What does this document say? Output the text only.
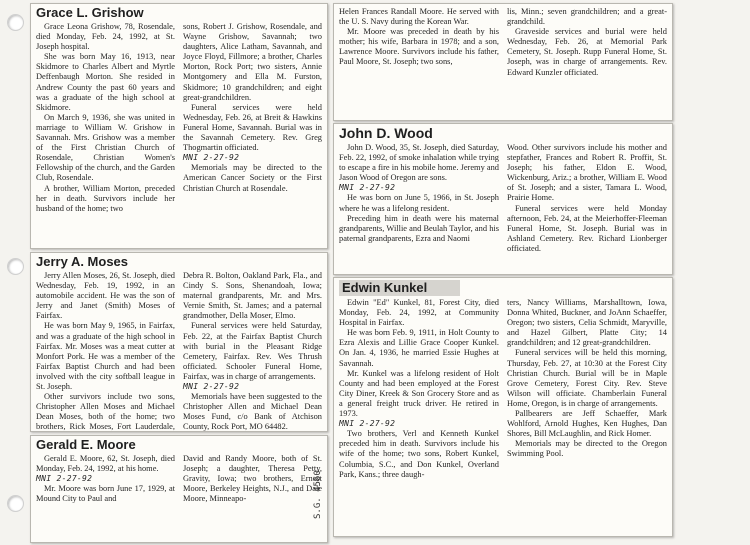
Grace L. Grishow

Grace Leona Grishow, 78, Rosendale, died Monday, Feb. 24, 1992, at St. Joseph hospital.

She was born May 16, 1913, near Skidmore to Charles Albert and Myrtle Deffenbaugh Morton. She resided in Andrew County the past 60 years and was a graduate of the high school at Skidmore.

On March 9, 1936, she was united in marriage to William W. Grishow in Savannah. Mrs. Grishow was a member of the First Christian Church of Rosendale, Christian Women's Fellowship of the church, and the Garden Club, Rosendale.

A brother, William Morton, preceded her in death. Survivors include her husband of the home; two

sons, Robert J. Grishow, Rosendale, and Wayne Grishow, Savannah; two daughters, Alice Latham, Savannah, and Joyce Floyd, Fillmore; a brother, Charles Morton, Rock Port; two sisters, Annie Montgomery and Ella M. Furston, Skidmore; 10 grandchildren; and eight great-grandchildren.

Funeral services were held Wednesday, Feb. 26, at Breit & Hawkins Funeral Home, Savannah. Burial was in the Savannah Cemetery. Rev. Greg Thogmartin officiated.

MNI 2-27-92

Memorials may be directed to the American Cancer Society or the First Christian Church at Rosendale.

Jerry A. Moses

Jerry Allen Moses, 26, St. Joseph, died Wednesday, Feb. 19, 1992, in an automobile accident. He was the son of Jerry and Janet (Smith) Moses of Fairfax.

He was born May 9, 1965, in Fairfax, and was a graduate of the high school in Fairfax. Mr. Moses was a meat cutter at Monfort Pork. He was a member of the Fairfax Baptist Church and had been involved with the city softball league in St. Joseph.

Other survivors include two sons, Christopher Allen Moses and Michael Dean Moses, both of the home; two brothers, Rick Moses, Fort Lauderdale,

Debra R. Bolton, Oakland Park, Fla., and Cindy S. Sons, Shenandoah, Iowa; maternal grandparents, Mr. and Mrs. Vernie Smith, St. James; and a paternal grandmother, Della Moser, Elmo.

Funeral services were held Saturday, Feb. 22, at the Fairfax Baptist Church with burial in the Pleasant Ridge Cemetery, Fairfax. Rev. Wes Thrush officiated. Schooler Funeral Home, Fairfax, was in charge of arrangements.

MNI 2-27-92

Memorials have been suggested to the Christopher Allen and Michael Dean Moses Fund, c/o Bank of Atchison County, Rock Port, MO 64482.

Gerald E. Moore

Gerald E. Moore, 62, St. Joseph, died Monday, Feb. 24, 1992, at his home.

MNI 2-27-92

Mr. Moore was born June 17, 1929, at Mound City to Paul and

David and Randy Moore, both of St. Joseph; a daughter, Theresa Petty, Gravity, Iowa; two brothers, Ernest Moore, Berkeley Heights, N.J., and Dale Moore, Minneapo-	S.G. 4560

Helen Frances Randall Moore. He served with the U. S. Navy during the Korean War.

Mr. Moore was preceded in death by his mother; his wife, Barbara in 1978; and a son, Lawrence Moore. Survivors include his father, Paul Moore, St. Joseph; two sons,

lis, Minn.; seven grandchildren; and a great-grandchild.

Graveside services and burial were held Wednesday, Feb. 26, at Memorial Park Cemetery, St. Joseph. Rupp Funeral Home, St. Joseph, was in charge of arrangements. Rev. Edward Kunzler officiated.

John D. Wood

John D. Wood, 35, St. Joseph, died Saturday, Feb. 22, 1992, of smoke inhalation while trying to escape a fire in his mobile home. Jeremy and Jason Wood of Oregon are sons.

MNI 2-27-92

He was born on June 5, 1966, in St. Joseph where he was a lifelong resident.

Preceding him in death were his maternal grandparents, Willie and Beulah Taylor, and his paternal grandparents, Ezra and Naomi

Wood. Other survivors include his mother and stepfather, Frances and Robert R. Proffit, St. Joseph; his father, Eldon E. Wood, Wickenburg, Ariz.; a brother, William E. Wood of St. Joseph; and a sister, Tamara L. Wood, Prairie Home.

Funeral services were held Monday afternoon, Feb. 24, at the Meierhoffer-Fleeman Funeral Home, St. Joseph. Burial was in Ashland Cemetery. Rev. Richard Lionberger officiated.

Edwin Kunkel

Edwin "Ed" Kunkel, 81, Forest City, died Monday, Feb. 24, 1992, at Community Hospital in Fairfax.

He was born Feb. 9, 1911, in Holt County to Ezra Alexis and Lillie Grace Cooper Kunkel. On Jan. 4, 1936, he married Essie Hughes at Savannah.

Mr. Kunkel was a lifelong resident of Holt County and had been employed at the Forest City Diner, Kreek & Son Grocery Store and as a general freight truck driver. He retired in 1973.

MNI 2-27-92

Two brothers, Verl and Kenneth Kunkel preceded him in death. Survivors include his wife of the home; two sons, Robert Kunkel, Columbia, S.C., and Don Kunkel, Overland Park, Kans.; three daugh-

ters, Nancy Williams, Marshalltown, Iowa, Donna Whited, Buckner, and JoAnn Schaeffer, Oregon; two sisters, Celia Schmidt, Maryville, and Hazel Gilbert, Platte City; 14 grandchildren; and 12 great-grandchildren.

Funeral services will be held this morning, Thursday, Feb. 27, at 10:30 at the Forest City Christian Church. Burial will be in Maple Grove Cemetery, Forest City. Rev. Steve Wilson will officiate. Chamberlain Funeral Home, Oregon, is in charge of arrangements.

Pallbearers are Jeff Schaeffer, Mark Wohlford, Arnold Hughes, Ken Hughes, Dan Shores, Bill McLaughlin, and Rick Homer.

Memorials may be directed to the Oregon Swimming Pool.
